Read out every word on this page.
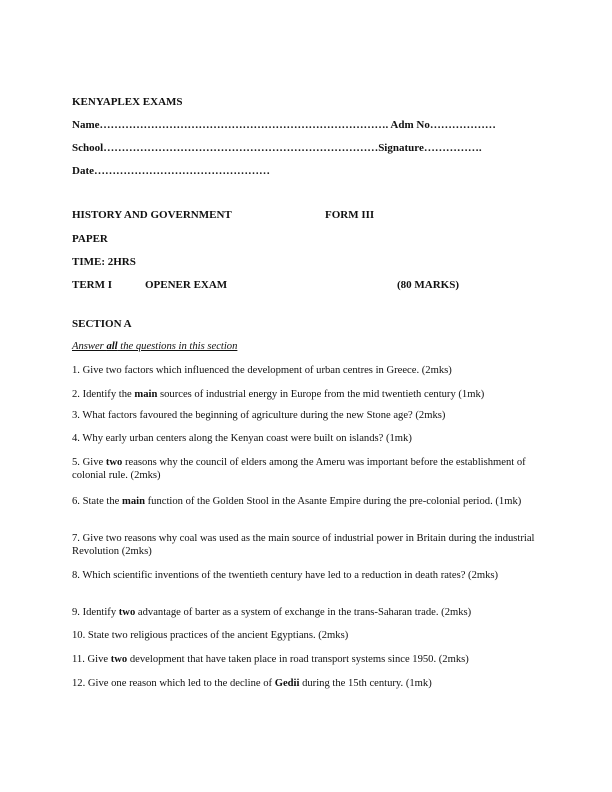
KENYAPLEX EXAMS
Name……………………………………………………………………. Adm No………………
School…………………………………………………………………Signature…………….
Date…………………………………………
HISTORY AND GOVERNMENT	FORM III
PAPER
TIME: 2HRS
TERM I	OPENER EXAM	(80 MARKS)
SECTION A
Answer all the questions in this section
1. Give two factors which influenced the development of urban centres in Greece. (2mks)
2. Identify the main sources of industrial energy in Europe from the mid twentieth century (1mk)
3. What factors favoured the beginning of agriculture during the new Stone age? (2mks)
4. Why early urban centers along the Kenyan coast were built on islands? (1mk)
5. Give two reasons why the council of elders among the Ameru was important before the establishment of colonial rule. (2mks)
6. State the main function of the Golden Stool in the Asante Empire during the pre-colonial period. (1mk)
7. Give two reasons why coal was used as the main source of industrial power in Britain during the industrial Revolution (2mks)
8. Which scientific inventions of the twentieth century have led to a reduction in death rates? (2mks)
9. Identify two advantage of barter as a system of exchange in the trans-Saharan trade. (2mks)
10. State two religious practices of the ancient Egyptians. (2mks)
11. Give two development that have taken place in road transport systems since 1950. (2mks)
12. Give one reason which led to the decline of Gedii during the 15th century. (1mk)
